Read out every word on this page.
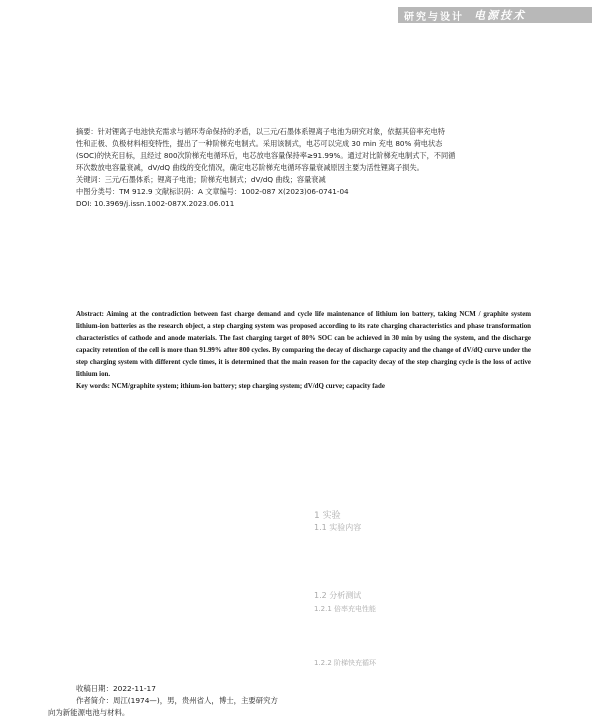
研究与设计 电源技术
摘要：针对锂离子电池快充需求与循环寿命保持的矛盾，以三元/石墨体系锂离子电池为研究对象，依据其倍率充电特
性和正极、负极材料相变特性，提出了一种阶梯充电制式。采用该制式，电芯可以完成 30 min 充电 80% 荷电状态
(SOC)的快充目标，且经过 800次阶梯充电循环后，电芯放电容量保持率≥91.99%。通过对比阶梯充电制式下，不同循
环次数放电容量衰减，dV/dQ 曲线的变化情况，确定电芯阶梯充电循环容量衰减原因主要为活性锂离子损失。
关键词：三元/石墨体系；锂离子电池；阶梯充电制式；dV/dQ 曲线；容量衰减
中图分类号：TM 912.9 文献标识码：A 文章编号：1002-087 X(2023)06-0741-04
DOI: 10.3969/j.issn.1002-087X.2023.06.011
Abstract: Aiming at the contradiction between fast charge demand and cycle life maintenance of lithium ion battery, taking NCM / graphite system lithium-ion batteries as the research object, a step charging system was proposed according to its rate charging characteristics and phase transformation characteristics of cathode and anode materials. The fast charging target of 80% SOC can be achieved in 30 min by using the system, and the discharge capacity retention of the cell is more than 91.99% after 800 cycles. By comparing the decay of discharge capacity and the change of dV/dQ curve under the step charging system with different cycle times, it is determined that the main reason for the capacity decay of the step charging cycle is the loss of active lithium ion.
Key words: NCM/graphite system; ithium-ion battery; step charging system; dV/dQ curve; capacity fade
1 实验
1.1 实验内容
1.2 分析测试
1.2.1 倍率充电性能
1.2.2 阶梯快充循环
收稿日期：2022-11-17
作者简介：周江(1974—)，男，贵州省人，博士，主要研究方
向为新能源电池与材料。
